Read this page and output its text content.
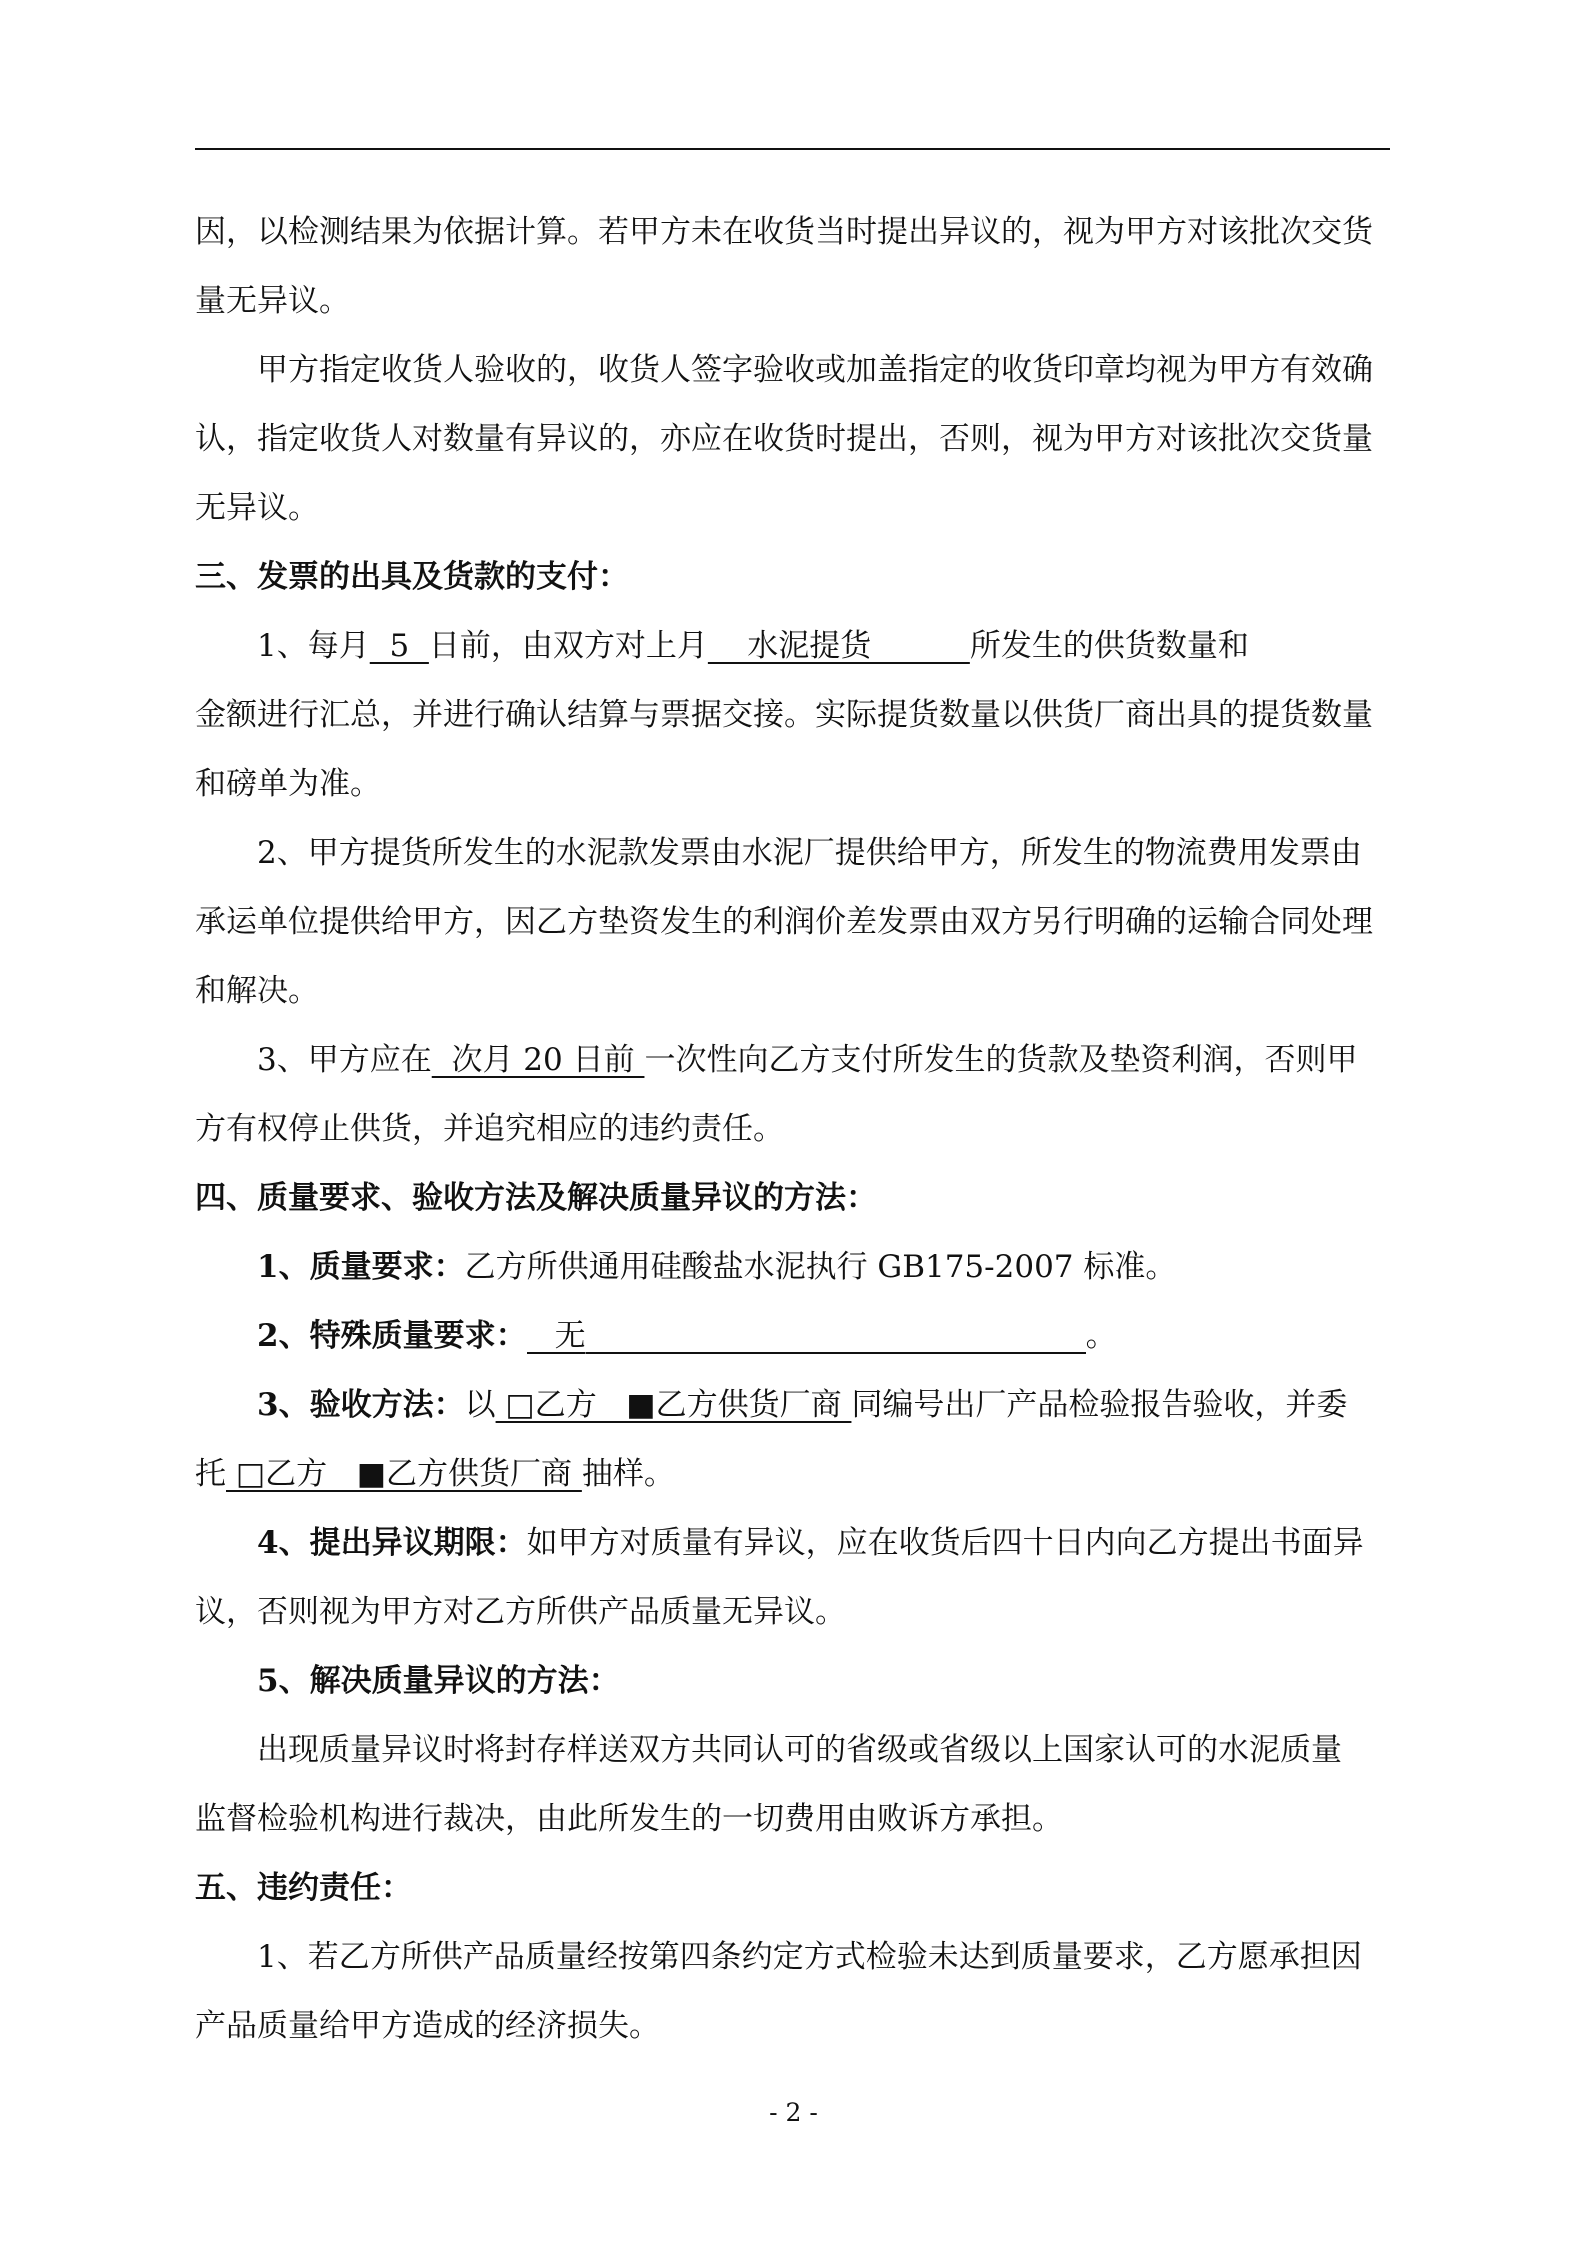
因，以检测结果为依据计算。若甲方未在收货当时提出异议的，视为甲方对该批次交货
量无异议。
甲方指定收货人验收的，收货人签字验收或加盖指定的收货印章均视为甲方有效确
认，指定收货人对数量有异议的，亦应在收货时提出，否则，视为甲方对该批次交货量
无异议。
三、发票的出具及货款的支付：
1、每月  5  日前，由双方对上月    水泥提货          所发生的供货数量和
金额进行汇总，并进行确认结算与票据交接。实际提货数量以供货厂商出具的提货数量
和磅单为准。
2、甲方提货所发生的水泥款发票由水泥厂提供给甲方，所发生的物流费用发票由
承运单位提供给甲方，因乙方垫资发生的利润价差发票由双方另行明确的运输合同处理
和解决。
3、甲方应在  次月 20 日前 一次性向乙方支付所发生的货款及垫资利润，否则甲
方有权停止供货，并追究相应的违约责任。
四、质量要求、验收方法及解决质量异议的方法：
1、质量要求：乙方所供通用硅酸盐水泥执行 GB175-2007 标准。
2、特殊质量要求： 无	。
3、验收方法：以 □乙方   ■乙方供货厂商 同编号出厂产品检验报告验收，并委
托 □乙方   ■乙方供货厂商 抽样。
4、提出异议期限：如甲方对质量有异议，应在收货后四十日内向乙方提出书面异
议，否则视为甲方对乙方所供产品质量无异议。
5、解决质量异议的方法：
出现质量异议时将封存样送双方共同认可的省级或省级以上国家认可的水泥质量
监督检验机构进行裁决，由此所发生的一切费用由败诉方承担。
五、违约责任：
1、若乙方所供产品质量经按第四条约定方式检验未达到质量要求，乙方愿承担因
产品质量给甲方造成的经济损失。
- 2 -
